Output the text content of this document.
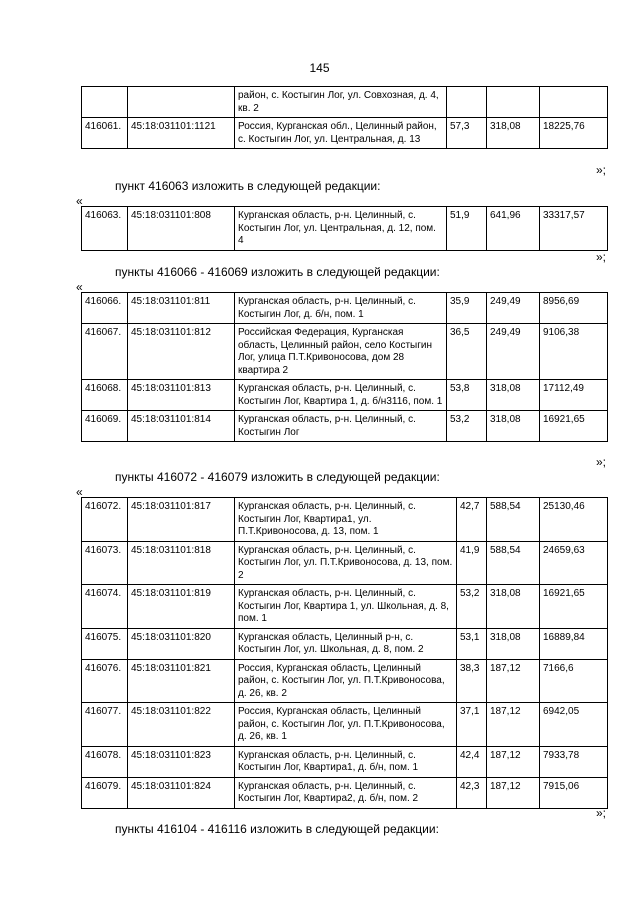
145
		район, с. Костыгин Лог, ул. Совхозная, д. 4, кв. 2			
416061.	45:18:031101:1121	Россия, Курганская обл., Целинный район, с. Костыгин Лог, ул. Центральная, д. 13	57,3	318,08	18225,76
»;
пункт 416063 изложить в следующей редакции:
«
416063.	45:18:031101:808	Курганская область, р-н. Целинный, с. Костыгин Лог, ул. Центральная, д. 12, пом. 4	51,9	641,96	33317,57
»;
пункты 416066 - 416069 изложить в следующей редакции:
«
416066.	45:18:031101:811	Курганская область, р-н. Целинный, с. Костыгин Лог, д. б/н, пом. 1	35,9	249,49	8956,69
416067.	45:18:031101:812	Российская Федерация, Курганская область, Целинный район, село Костыгин Лог, улица П.Т.Кривоносова, дом 28 квартира 2	36,5	249,49	9106,38
416068.	45:18:031101:813	Курганская область, р-н. Целинный, с. Костыгин Лог, Квартира 1, д. б/н3116, пом. 1	53,8	318,08	17112,49
416069.	45:18:031101:814	Курганская область, р-н. Целинный, с. Костыгин Лог	53,2	318,08	16921,65
»;
пункты 416072 - 416079 изложить в следующей редакции:
«
416072.	45:18:031101:817	Курганская область, р-н. Целинный, с. Костыгин Лог, Квартира1, ул. П.Т.Кривоносова, д. 13, пом. 1	42,7	588,54	25130,46
416073.	45:18:031101:818	Курганская область, р-н. Целинный, с. Костыгин Лог, ул. П.Т.Кривоносова, д. 13, пом. 2	41,9	588,54	24659,63
416074.	45:18:031101:819	Курганская область, р-н. Целинный, с. Костыгин Лог, Квартира 1, ул. Школьная, д. 8, пом. 1	53,2	318,08	16921,65
416075.	45:18:031101:820	Курганская область, Целинный р-н, с. Костыгин Лог, ул. Школьная, д. 8, пом. 2	53,1	318,08	16889,84
416076.	45:18:031101:821	Россия, Курганская область, Целинный район, с. Костыгин Лог, ул. П.Т.Кривоносова, д. 26, кв. 2	38,3	187,12	7166,6
416077.	45:18:031101:822	Россия, Курганская область, Целинный район, с. Костыгин Лог, ул. П.Т.Кривоносова, д. 26, кв. 1	37,1	187,12	6942,05
416078.	45:18:031101:823	Курганская область, р-н. Целинный, с. Костыгин Лог, Квартира1, д. б/н, пом. 1	42,4	187,12	7933,78
416079.	45:18:031101:824	Курганская область, р-н. Целинный, с. Костыгин Лог, Квартира2, д. б/н, пом. 2	42,3	187,12	7915,06
»;
пункты 416104 - 416116 изложить в следующей редакции:
